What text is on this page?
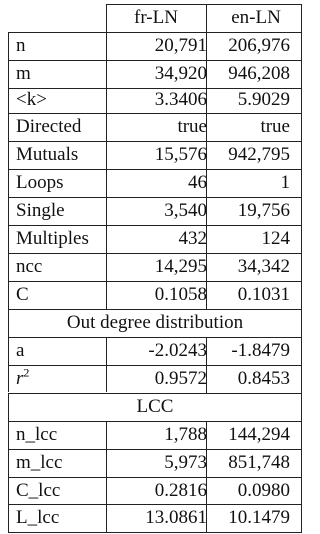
fr-LN	en-LN
n	20,791 206,976
m	34,920 946,208
<k>	3.3406 5.9029
Directed	true	true
Mutuals	15,576 942,795
Loops	46	1
Single	3,540 19,756
Multiples	432	124
ncc	14,295 34,342
C	0.1058 0.1031
Out degree distribution
a	-2.0243 -1.8479
$r^2$	0.9572 0.8453
LCC
n_lcc	1,788 144,294
m_lcc	5,973 851,748
C_lcc	0.2816 0.0980
L_lcc	13.0861 10.1479
